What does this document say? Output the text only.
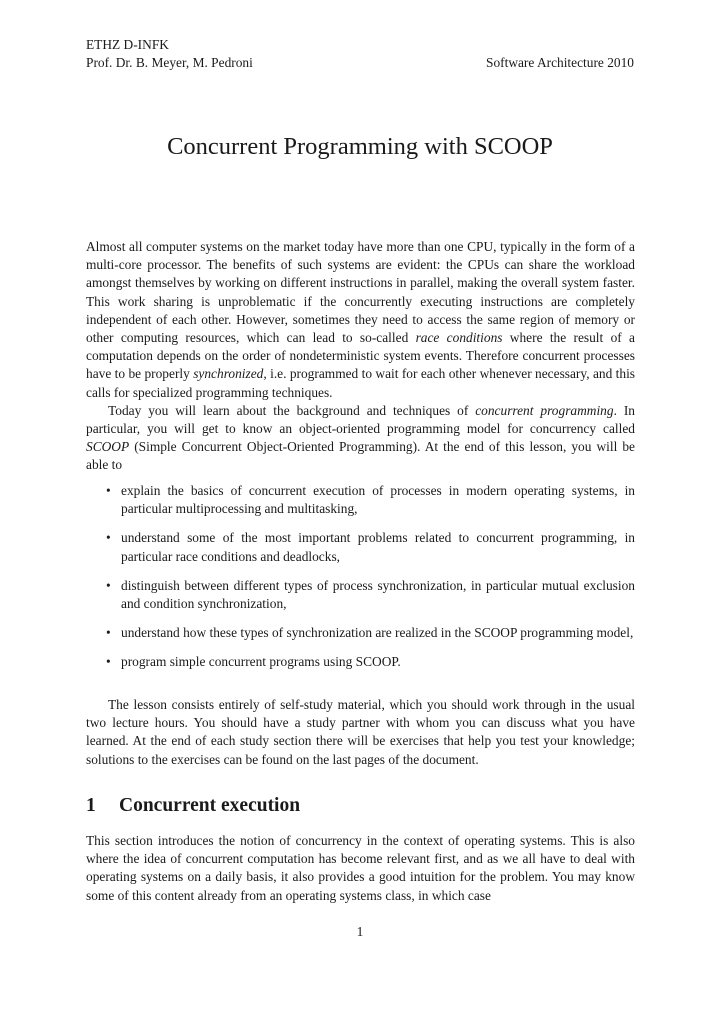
ETHZ D-INFK
Prof. Dr. B. Meyer, M. Pedroni	Software Architecture 2010
Concurrent Programming with SCOOP

Almost all computer systems on the market today have more than one CPU, typically in the form of a multi-core processor. The benefits of such systems are evident: the CPUs can share the workload amongst themselves by working on different instructions in parallel, making the overall system faster. This work sharing is unproblematic if the concurrently executing instructions are completely independent of each other. However, sometimes they need to access the same region of memory or other computing resources, which can lead to so-called race conditions where the result of a computation depends on the order of nondeterministic system events. Therefore concurrent processes have to be properly synchronized, i.e. programmed to wait for each other whenever necessary, and this calls for specialized programming techniques.

Today you will learn about the background and techniques of concurrent programming. In particular, you will get to know an object-oriented programming model for concurrency called SCOOP (Simple Concurrent Object-Oriented Programming). At the end of this lesson, you will be able to

• explain the basics of concurrent execution of processes in modern operating systems, in particular multiprocessing and multitasking,
• understand some of the most important problems related to concurrent programming, in particular race conditions and deadlocks,
• distinguish between different types of process synchronization, in particular mutual exclusion and condition synchronization,
• understand how these types of synchronization are realized in the SCOOP programming model,
• program simple concurrent programs using SCOOP.

The lesson consists entirely of self-study material, which you should work through in the usual two lecture hours. You should have a study partner with whom you can discuss what you have learned. At the end of each study section there will be exercises that help you test your knowledge; solutions to the exercises can be found on the last pages of the document.

1 Concurrent execution

This section introduces the notion of concurrency in the context of operating systems. This is also where the idea of concurrent computation has become relevant first, and as we all have to deal with operating systems on a daily basis, it also provides a good intuition for the problem. You may know some of this content already from an operating systems class, in which case

1
